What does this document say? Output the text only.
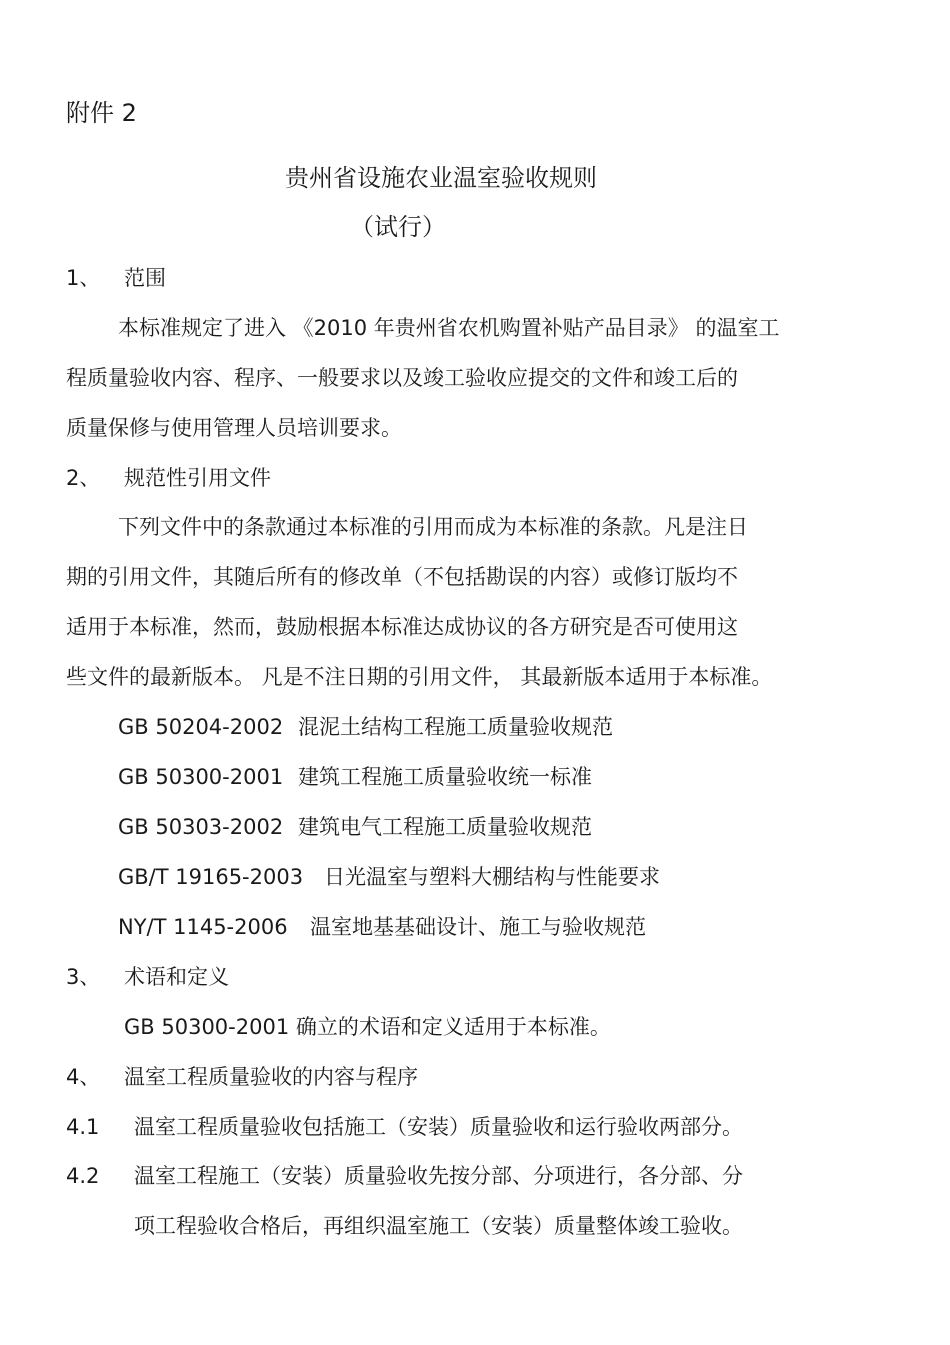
附件 2
贵州省设施农业温室验收规则
（试行）
1、 范围
本标准规定了进入 《2010 年贵州省农机购置补贴产品目录》 的温室工
程质量验收内容、程序、一般要求以及竣工验收应提交的文件和竣工后的
质量保修与使用管理人员培训要求。
2、 规范性引用文件
下列文件中的条款通过本标准的引用而成为本标准的条款。凡是注日
期的引用文件，其随后所有的修改单（不包括勘误的内容）或修订版均不
适用于本标准，然而，鼓励根据本标准达成协议的各方研究是否可使用这
些文件的最新版本。 凡是不注日期的引用文件， 其最新版本适用于本标准。
GB 50204-2002 混泥土结构工程施工质量验收规范
GB 50300-2001 建筑工程施工质量验收统一标准
GB 50303-2002 建筑电气工程施工质量验收规范
GB/T 19165-2003 日光温室与塑料大棚结构与性能要求
NY/T 1145-2006 温室地基基础设计、施工与验收规范
3、 术语和定义
GB 50300-2001 确立的术语和定义适用于本标准。
4、 温室工程质量验收的内容与程序
4.1 温室工程质量验收包括施工（安装）质量验收和运行验收两部分。
4.2 温室工程施工（安装）质量验收先按分部、分项进行，各分部、分
项工程验收合格后，再组织温室施工（安装）质量整体竣工验收。
